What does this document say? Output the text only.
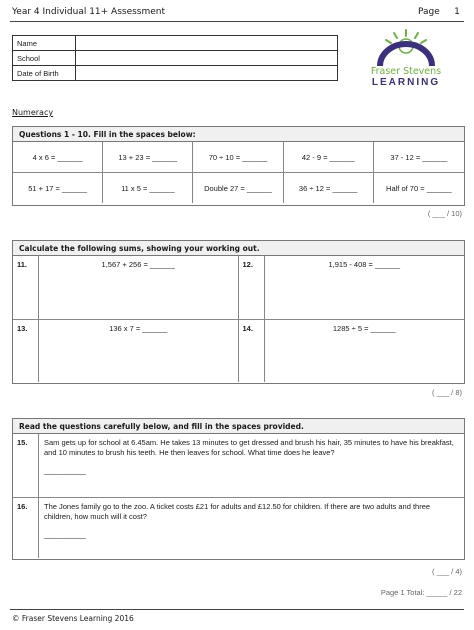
Year 4 Individual 11+ Assessment	Page 1
Name	
School	
Date of Birth		Fraser Stevens
LEARNING
Numeracy
Questions 1 - 10. Fill in the spaces below:
4 x 6 = ______	13 + 23 = ______	70 ÷ 10 = ______	42 - 9 = ______	37 - 12 = ______
51 + 17 = ______	11 x 5 = ______	Double 27 = ______	36 ÷ 12 = ______	Half of 70 = ______
( ___ / 10)
Calculate the following sums, showing your working out.
11.	1,567 + 256 = ______	12.	1,915 - 408 = ______
13.	136 x 7 = ______	14.	1285 ÷ 5 = ______
( ___ / 8)
Read the questions carefully below, and fill in the spaces provided.
15.	Sam gets up for school at 6.45am. He takes 13 minutes to get dressed and brush his hair, 35 minutes to have his breakfast, and 10 minutes to brush his teeth. He then leaves for school. What time does he leave?
__________
16.	The Jones family go to the zoo. A ticket costs £21 for adults and £12.50 for children. If there are two adults and three children, how much will it cost?
__________
( ___ / 4)
Page 1 Total: _____ / 22
© Fraser Stevens Learning 2016
